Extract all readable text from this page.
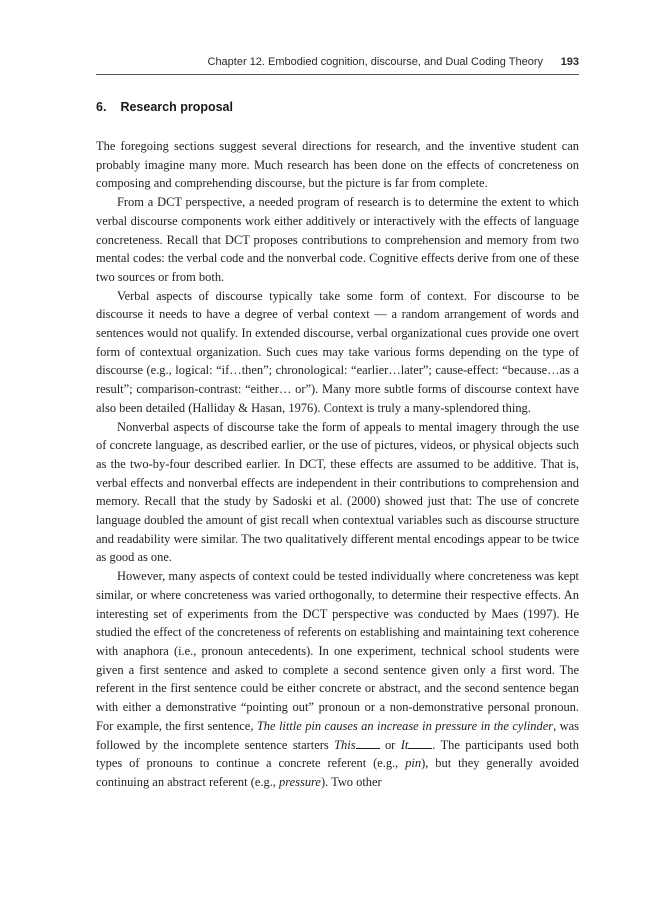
Chapter 12. Embodied cognition, discourse, and Dual Coding Theory 193
6. Research proposal

The foregoing sections suggest several directions for research, and the inventive student can probably imagine many more. Much research has been done on the effects of concreteness on composing and comprehending discourse, but the picture is far from complete.

From a DCT perspective, a needed program of research is to determine the extent to which verbal discourse components work either additively or interactively with the effects of language concreteness. Recall that DCT proposes contributions to comprehension and memory from two mental codes: the verbal code and the nonverbal code. Cognitive effects derive from one of these two sources or from both.

Verbal aspects of discourse typically take some form of context. For discourse to be discourse it needs to have a degree of verbal context — a random arrangement of words and sentences would not qualify. In extended discourse, verbal organizational cues provide one overt form of contextual organization. Such cues may take various forms depending on the type of discourse (e.g., logical: “if…then”; chronological: “earlier…later”; cause-effect: “because…as a result”; comparison-contrast: “either… or”). Many more subtle forms of discourse context have also been detailed (Halliday & Hasan, 1976). Context is truly a many-splendored thing.

Nonverbal aspects of discourse take the form of appeals to mental imagery through the use of concrete language, as described earlier, or the use of pictures, videos, or physical objects such as the two-by-four described earlier. In DCT, these effects are assumed to be additive. That is, verbal effects and nonverbal effects are independent in their contributions to comprehension and memory. Recall that the study by Sadoski et al. (2000) showed just that: The use of concrete language doubled the amount of gist recall when contextual variables such as discourse structure and readability were similar. The two qualitatively different mental encodings appear to be twice as good as one.

However, many aspects of context could be tested individually where concreteness was kept similar, or where concreteness was varied orthogonally, to determine their respective effects. An interesting set of experiments from the DCT perspective was conducted by Maes (1997). He studied the effect of the concreteness of referents on establishing and maintaining text coherence with anaphora (i.e., pronoun antecedents). In one experiment, technical school students were given a first sentence and asked to complete a second sentence given only a first word. The referent in the first sentence could be either concrete or abstract, and the second sentence began with either a demonstrative “pointing out” pronoun or a non-demonstrative personal pronoun. For example, the first sentence, The little pin causes an increase in pressure in the cylinder, was followed by the incomplete sentence starters This or It . The participants used both types of pronouns to continue a concrete referent (e.g., pin), but they generally avoided continuing an abstract referent (e.g., pressure). Two other
